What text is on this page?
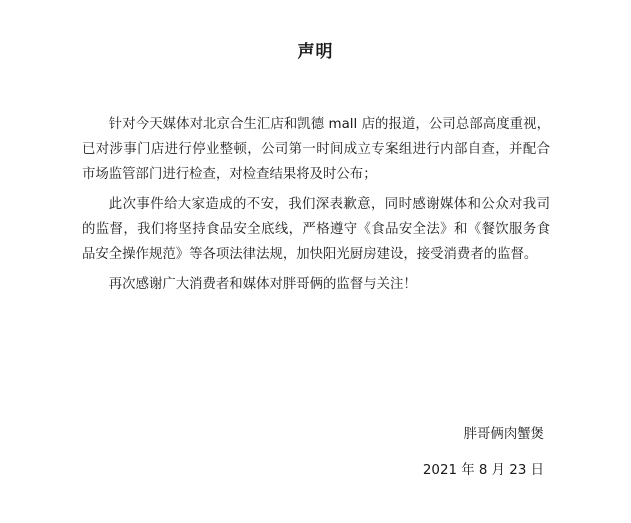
声明

针对今天媒体对北京合生汇店和凯德 mall 店的报道，公司总部高度重视，已对涉事门店进行停业整顿，公司第一时间成立专案组进行内部自查，并配合市场监管部门进行检查，对检查结果将及时公布；

此次事件给大家造成的不安，我们深表歉意，同时感谢媒体和公众对我司的监督，我们将坚持食品安全底线，严格遵守《食品安全法》和《餐饮服务食品安全操作规范》等各项法律法规，加快阳光厨房建设，接受消费者的监督。

再次感谢广大消费者和媒体对胖哥俩的监督与关注！

胖哥俩肉蟹煲
2021 年 8 月 23 日
